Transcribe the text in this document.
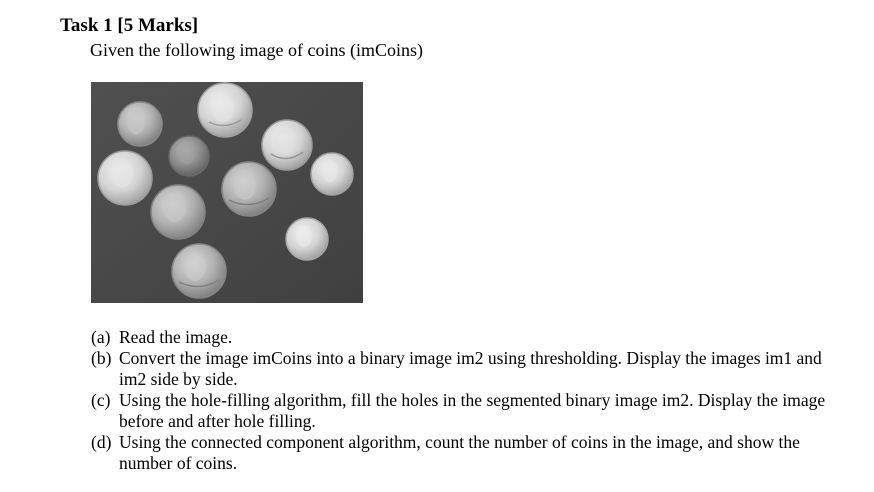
Task 1 [5 Marks]
Given the following image of coins (imCoins)
(a) Read the image.
(b) Convert the image imCoins into a binary image im2 using thresholding. Display the images im1 and im2 side by side.
(c) Using the hole-filling algorithm, fill the holes in the segmented binary image im2. Display the image before and after hole filling.
(d) Using the connected component algorithm, count the number of coins in the image, and show the number of coins.
